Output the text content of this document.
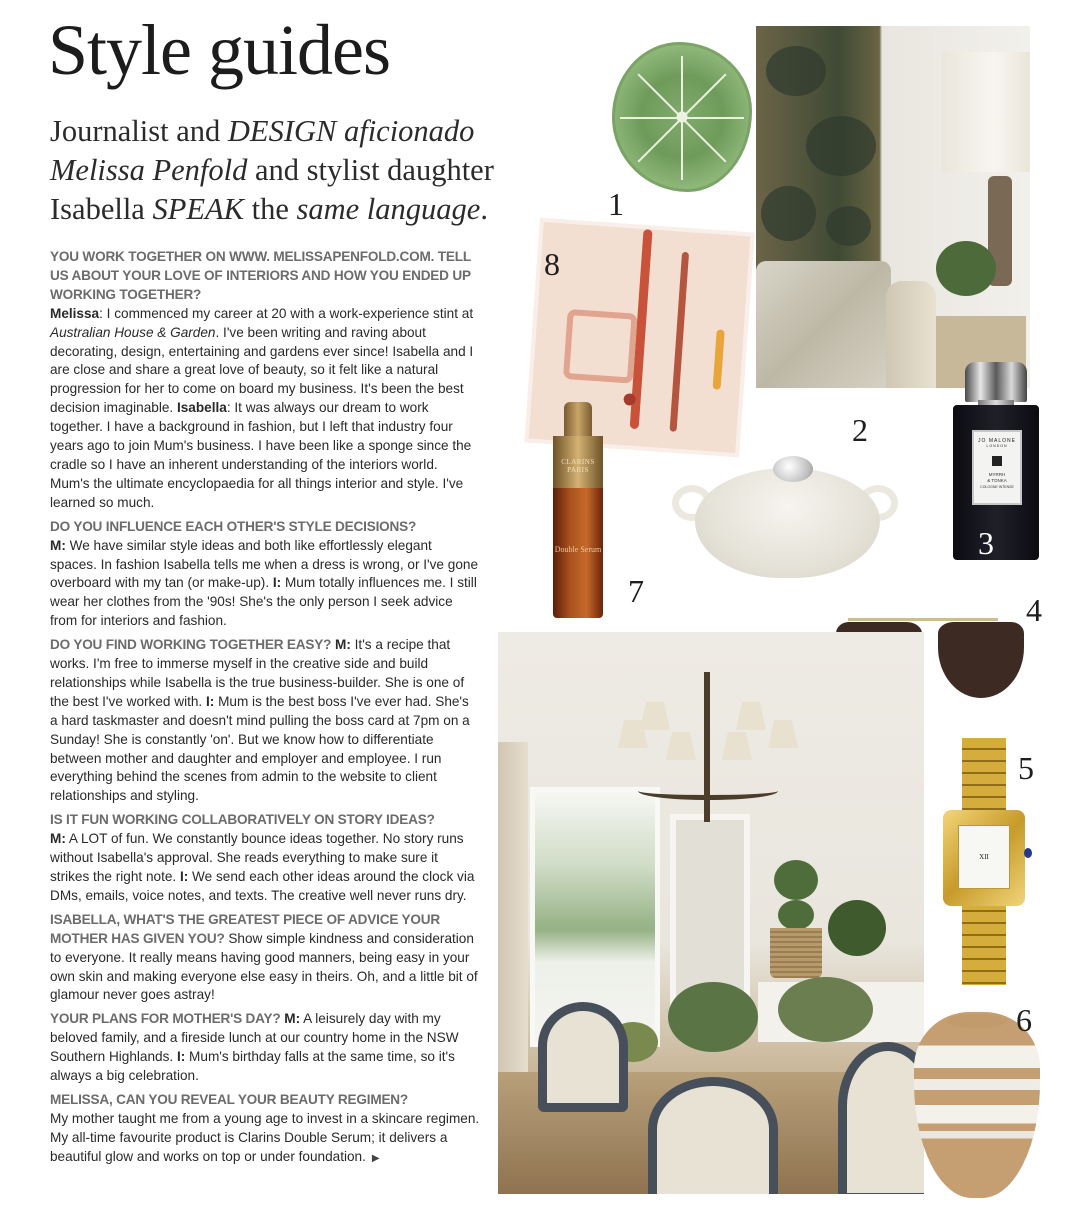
Style guides

Journalist and DESIGN aficionado
Melissa Penfold and stylist daughter
Isabella SPEAK the same language.

YOU WORK TOGETHER ON WWW. MELISSAPENFOLD.COM. TELL US ABOUT YOUR LOVE OF INTERIORS AND HOW YOU ENDED UP WORKING TOGETHER?
Melissa: I commenced my career at 20 with a work-experience stint at Australian House & Garden. I've been writing and raving about decorating, design, entertaining and gardens ever since! Isabella and I are close and share a great love of beauty, so it felt like a natural progression for her to come on board my business. It's been the best decision imaginable. Isabella: It was always our dream to work together. I have a background in fashion, but I left that industry four years ago to join Mum's business. I have been like a sponge since the cradle so I have an inherent understanding of the interiors world. Mum's the ultimate encyclopaedia for all things interior and style. I've learned so much.
DO YOU INFLUENCE EACH OTHER'S STYLE DECISIONS?
M: We have similar style ideas and both like effortlessly elegant spaces. In fashion Isabella tells me when a dress is wrong, or I've gone overboard with my tan (or make-up). I: Mum totally influences me. I still wear her clothes from the '90s! She's the only person I seek advice from for interiors and fashion.
DO YOU FIND WORKING TOGETHER EASY? M: It's a recipe that works. I'm free to immerse myself in the creative side and build relationships while Isabella is the true business-builder. She is one of the best I've worked with. I: Mum is the best boss I've ever had. She's a hard taskmaster and doesn't mind pulling the boss card at 7pm on a Sunday! She is constantly 'on'. But we know how to differentiate between mother and daughter and employer and employee. I run everything behind the scenes from admin to the website to client relationships and styling.
IS IT FUN WORKING COLLABORATIVELY ON STORY IDEAS?
M: A LOT of fun. We constantly bounce ideas together. No story runs without Isabella's approval. She reads everything to make sure it strikes the right note. I: We send each other ideas around the clock via DMs, emails, voice notes, and texts. The creative well never runs dry.
ISABELLA, WHAT'S THE GREATEST PIECE OF ADVICE YOUR MOTHER HAS GIVEN YOU? Show simple kindness and consideration to everyone. It really means having good manners, being easy in your own skin and making everyone else easy in theirs. Oh, and a little bit of glamour never goes astray!
YOUR PLANS FOR MOTHER'S DAY? M: A leisurely day with my beloved family, and a fireside lunch at our country home in the NSW Southern Highlands. I: Mum's birthday falls at the same time, so it's always a big celebration.
MELISSA, CAN YOU REVEAL YOUR BEAUTY REGIMEN?
My mother taught me from a young age to invest in a skincare regimen. My all-time favourite product is Clarins Double Serum; it delivers a beautiful glow and works on top or under foundation. ▶
1
8
CLARINS
PARIS
Double Serum
7
2	JO MALONE
LONDON
MYRRH
& TONKA
COLOGNE INTENSE
3
4
XII
5
6
